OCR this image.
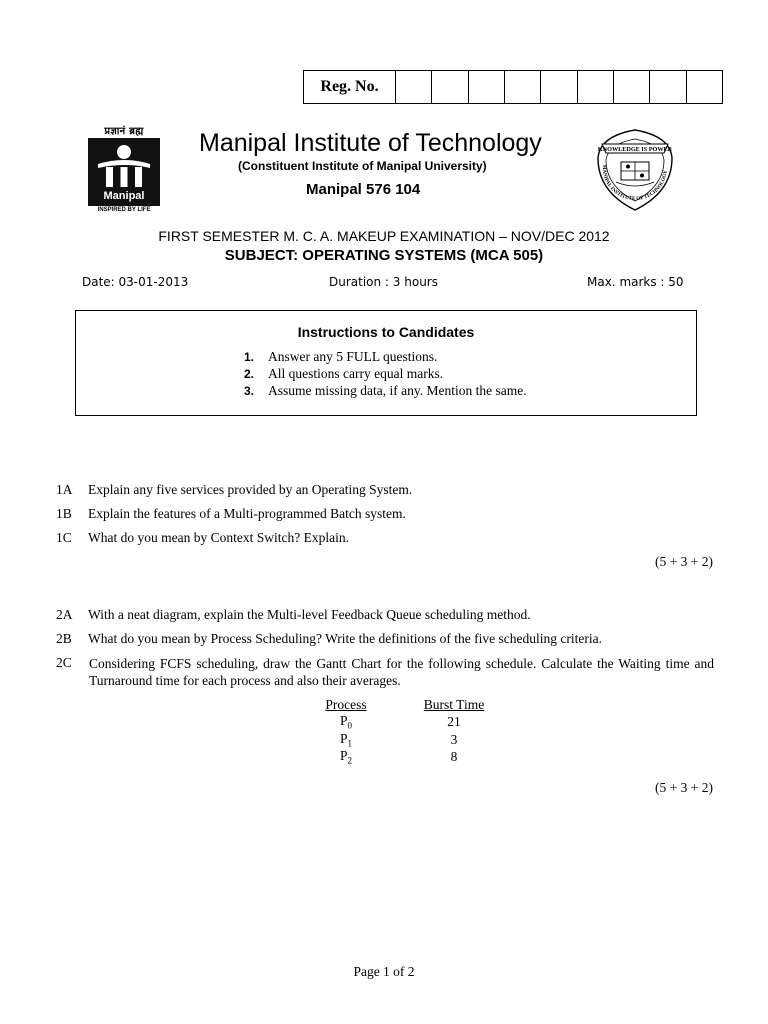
Reg. No.
प्रज्ञानं ब्रह्म
Manipal
INSPIRED BY LIFE
Manipal Institute of Technology
(Constituent Institute of Manipal University)
Manipal 576 104
KNOWLEDGE IS POWER
MANIPAL INSTITUTE OF TECHNOLOGY
FIRST SEMESTER M. C. A. MAKEUP EXAMINATION – NOV/DEC 2012
SUBJECT: OPERATING SYSTEMS (MCA 505)
Date: 03-01-2013	Duration : 3 hours	Max. marks : 50
Instructions to Candidates
1. Answer any 5 FULL questions.
2. All questions carry equal marks.
3. Assume missing data, if any. Mention the same.
1A Explain any five services provided by an Operating System.
1B Explain the features of a Multi-programmed Batch system.
1C What do you mean by Context Switch? Explain.
(5 + 3 + 2)
2A With a neat diagram, explain the Multi-level Feedback Queue scheduling method.
2B What do you mean by Process Scheduling? Write the definitions of the five scheduling criteria.
2C Considering FCFS scheduling, draw the Gantt Chart for the following schedule. Calculate the Waiting time and Turnaround time for each process and also their averages.
Process	Burst Time
$P_0$	21
$P_1$	3
$P_2$	8
(5 + 3 + 2)
Page 1 of 2
